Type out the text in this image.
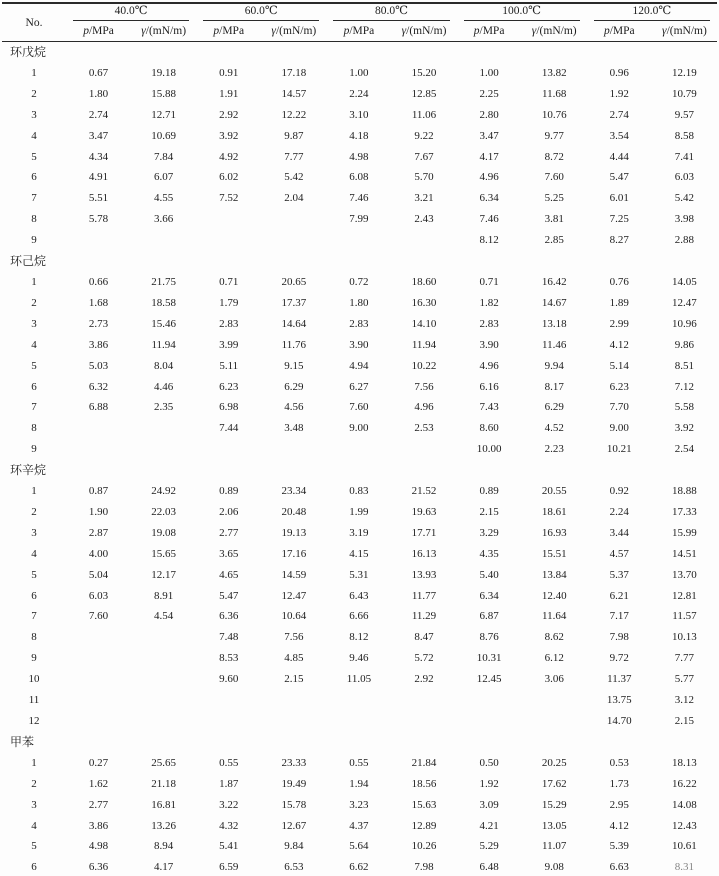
No.	40.0℃		60.0℃		80.0℃		100.0℃		120.0℃	

	p/MPa	γ/(mN/m)	p/MPa	γ/(mN/m)	p/MPa	γ/(mN/m)	p/MPa	γ/(mN/m)	p/MPa	γ/(mN/m)
环戊烷										
1	0.67	19.18	0.91	17.18	1.00	15.20	1.00	13.82	0.96	12.19
2	1.80	15.88	1.91	14.57	2.24	12.85	2.25	11.68	1.92	10.79
3	2.74	12.71	2.92	12.22	3.10	11.06	2.80	10.76	2.74	9.57
4	3.47	10.69	3.92	9.87	4.18	9.22	3.47	9.77	3.54	8.58
5	4.34	7.84	4.92	7.77	4.98	7.67	4.17	8.72	4.44	7.41
6	4.91	6.07	6.02	5.42	6.08	5.70	4.96	7.60	5.47	6.03
7	5.51	4.55	7.52	2.04	7.46	3.21	6.34	5.25	6.01	5.42
8	5.78	3.66			7.99	2.43	7.46	3.81	7.25	3.98
9							8.12	2.85	8.27	2.88
环己烷										
1	0.66	21.75	0.71	20.65	0.72	18.60	0.71	16.42	0.76	14.05
2	1.68	18.58	1.79	17.37	1.80	16.30	1.82	14.67	1.89	12.47
3	2.73	15.46	2.83	14.64	2.83	14.10	2.83	13.18	2.99	10.96
4	3.86	11.94	3.99	11.76	3.90	11.94	3.90	11.46	4.12	9.86
5	5.03	8.04	5.11	9.15	4.94	10.22	4.96	9.94	5.14	8.51
6	6.32	4.46	6.23	6.29	6.27	7.56	6.16	8.17	6.23	7.12
7	6.88	2.35	6.98	4.56	7.60	4.96	7.43	6.29	7.70	5.58
8			7.44	3.48	9.00	2.53	8.60	4.52	9.00	3.92
9							10.00	2.23	10.21	2.54
环辛烷										
1	0.87	24.92	0.89	23.34	0.83	21.52	0.89	20.55	0.92	18.88
2	1.90	22.03	2.06	20.48	1.99	19.63	2.15	18.61	2.24	17.33
3	2.87	19.08	2.77	19.13	3.19	17.71	3.29	16.93	3.44	15.99
4	4.00	15.65	3.65	17.16	4.15	16.13	4.35	15.51	4.57	14.51
5	5.04	12.17	4.65	14.59	5.31	13.93	5.40	13.84	5.37	13.70
6	6.03	8.91	5.47	12.47	6.43	11.77	6.34	12.40	6.21	12.81
7	7.60	4.54	6.36	10.64	6.66	11.29	6.87	11.64	7.17	11.57
8			7.48	7.56	8.12	8.47	8.76	8.62	7.98	10.13
9			8.53	4.85	9.46	5.72	10.31	6.12	9.72	7.77
10			9.60	2.15	11.05	2.92	12.45	3.06	11.37	5.77
11									13.75	3.12
12									14.70	2.15
甲苯										
1	0.27	25.65	0.55	23.33	0.55	21.84	0.50	20.25	0.53	18.13
2	1.62	21.18	1.87	19.49	1.94	18.56	1.92	17.62	1.73	16.22
3	2.77	16.81	3.22	15.78	3.23	15.63	3.09	15.29	2.95	14.08
4	3.86	13.26	4.32	12.67	4.37	12.89	4.21	13.05	4.12	12.43
5	4.98	8.94	5.41	9.84	5.64	10.26	5.29	11.07	5.39	10.61
6	6.36	4.17	6.59	6.53	6.62	7.98	6.48	9.08	6.63	8.31
